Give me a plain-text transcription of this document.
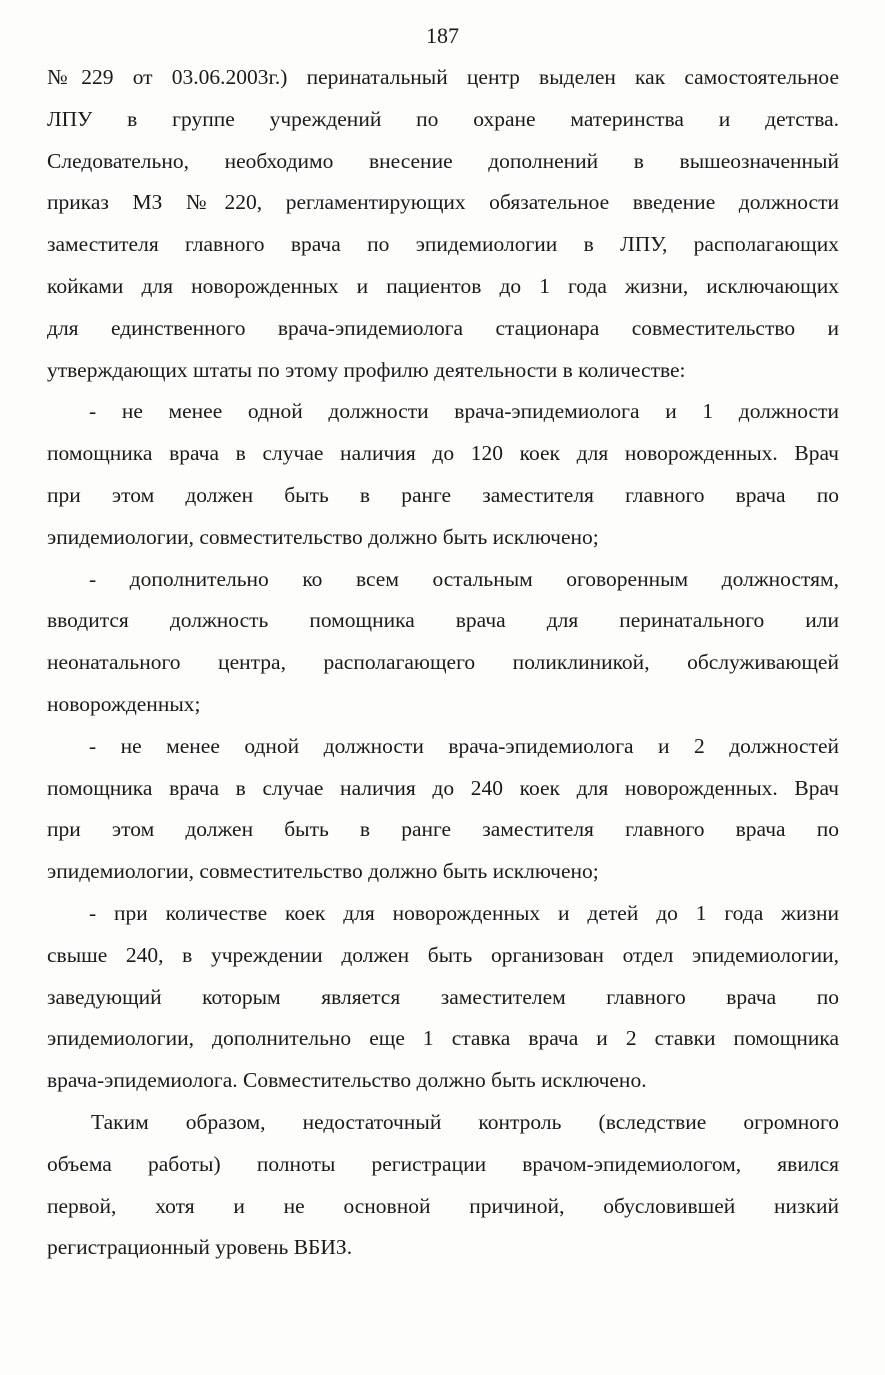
187
№229 от 03.06.2003г.) перинатальный центр выделен как самостоятельное
ЛПУ в группе учреждений по охране материнства и детства.
Следовательно, необходимо внесение дополнений в вышеозначенный
приказ МЗ №220, регламентирующих обязательное введение должности
заместителя главного врача по эпидемиологии в ЛПУ, располагающих
койками для новорожденных и пациентов до 1 года жизни, исключающих
для единственного врача-эпидемиолога стационара совместительство и
утверждающих штаты по этому профилю деятельности в количестве:
- не менее одной должности врача-эпидемиолога и 1 должности
помощника врача в случае наличия до 120 коек для новорожденных. Врач
при этом должен быть в ранге заместителя главного врача по
эпидемиологии, совместительство должно быть исключено;
- дополнительно ко всем остальным оговоренным должностям,
вводится должность помощника врача для перинатального или
неонатального центра, располагающего поликлиникой, обслуживающей
новорожденных;
- не менее одной должности врача-эпидемиолога и 2 должностей
помощника врача в случае наличия до 240 коек для новорожденных. Врач
при этом должен быть в ранге заместителя главного врача по
эпидемиологии, совместительство должно быть исключено;
- при количестве коек для новорожденных и детей до 1 года жизни
свыше 240, в учреждении должен быть организован отдел эпидемиологии,
заведующий которым является заместителем главного врача по
эпидемиологии, дополнительно еще 1 ставка врача и 2 ставки помощника
врача-эпидемиолога. Совместительство должно быть исключено.
Таким образом, недостаточный контроль (вследствие огромного
объема работы) полноты регистрации врачом-эпидемиологом, явился
первой, хотя и не основной причиной, обусловившей низкий
регистрационный уровень ВБИЗ.
